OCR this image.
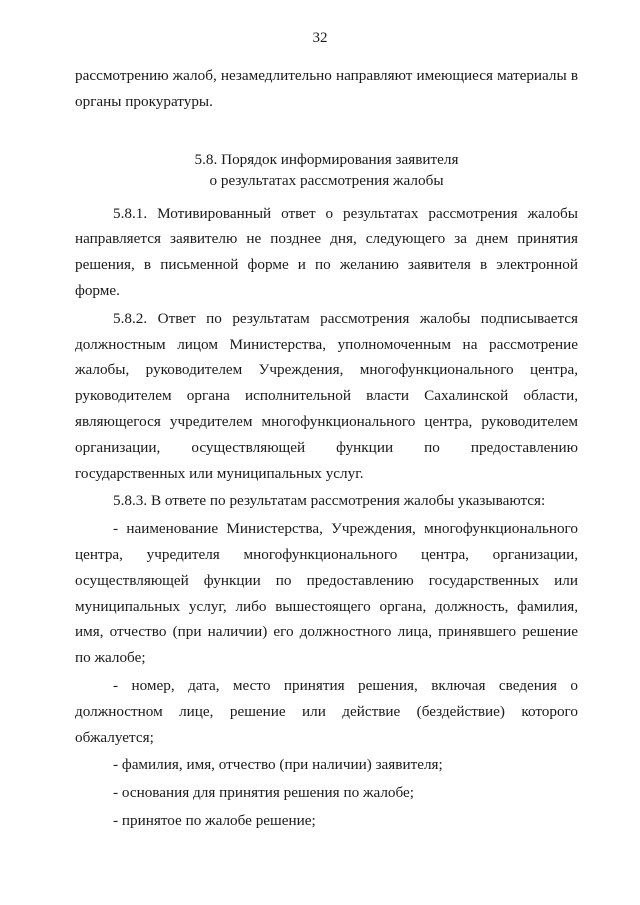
32

рассмотрению жалоб, незамедлительно направляют имеющиеся материалы в органы прокуратуры.

5.8. Порядок информирования заявителя
о результатах рассмотрения жалобы

5.8.1. Мотивированный ответ о результатах рассмотрения жалобы направляется заявителю не позднее дня, следующего за днем принятия решения, в письменной форме и по желанию заявителя в электронной форме.

5.8.2. Ответ по результатам рассмотрения жалобы подписывается должностным лицом Министерства, уполномоченным на рассмотрение жалобы, руководителем Учреждения, многофункционального центра, руководителем органа исполнительной власти Сахалинской области, являющегося учредителем многофункционального центра, руководителем организации, осуществляющей функции по предоставлению государственных или муниципальных услуг.

5.8.3. В ответе по результатам рассмотрения жалобы указываются:

- наименование Министерства, Учреждения, многофункционального центра, учредителя многофункционального центра, организации, осуществляющей функции по предоставлению государственных или муниципальных услуг, либо вышестоящего органа, должность, фамилия, имя, отчество (при наличии) его должностного лица, принявшего решение по жалобе;

- номер, дата, место принятия решения, включая сведения о должностном лице, решение или действие (бездействие) которого обжалуется;

- фамилия, имя, отчество (при наличии) заявителя;

- основания для принятия решения по жалобе;

- принятое по жалобе решение;
